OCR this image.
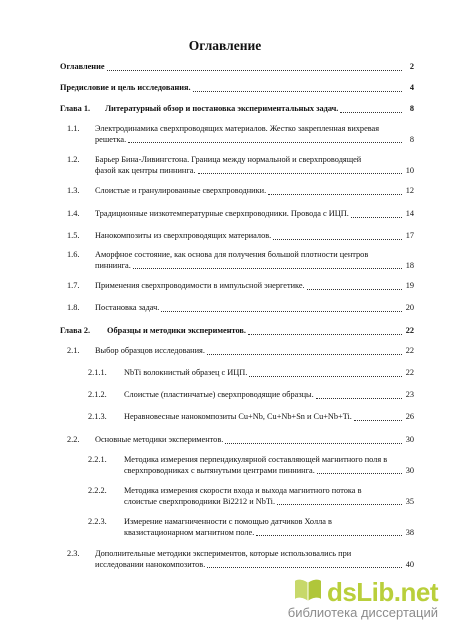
Оглавление
Оглавление	2
Предисловие и цель исследования.	4
Глава 1. Литературный обзор и постановка экспериментальных задач.	8
1.1. Электродинамика сверхпроводящих материалов. Жестко закрепленная вихревая
решетка.	8
1.2. Барьер Бина-Ливингстона. Граница между нормальной и сверхпроводящей
фазой как центры пиннинга.	10
1.3. Слоистые и гранулированные сверхпроводники.	12
1.4. Традиционные низкотемпературные сверхпроводники. Провода с ИЦП.	14
1.5. Нанокомпозиты из сверхпроводящих материалов.	17
1.6. Аморфное состояние, как основа для получения большой плотности центров
пиннинга.	18
1.7. Применения сверхпроводимости в импульсной энергетике.	19
1.8. Постановка задач.	20
Глава 2. Образцы и методики экспериментов.	22
2.1. Выбор образцов исследования.	22
2.1.1. NbTi волокнистый образец с ИЦП.	22
2.1.2. Слоистые (пластинчатые) сверхпроводящие образцы.	23
2.1.3. Неравновесные нанокомпозиты Cu+Nb, Cu+Nb+Sn и Cu+Nb+Ti.	26
2.2. Основные методики экспериментов.	30
2.2.1. Методика измерения перпендикулярной составляющей магнитного поля в
сверхпроводниках с вытянутыми центрами пиннинга.	30
2.2.2. Методика измерения скорости входа и выхода магнитного потока в
слоистые сверхпроводники Bi2212 и NbTi.	35
2.2.3. Измерение намагниченности с помощью датчиков Холла в
квазистационарном магнитном поле.	38
2.3. Дополнительные методики экспериментов, которые использовались при
исследовании нанокомпозитов.	40
dsLib.net
библиотека диссертаций
